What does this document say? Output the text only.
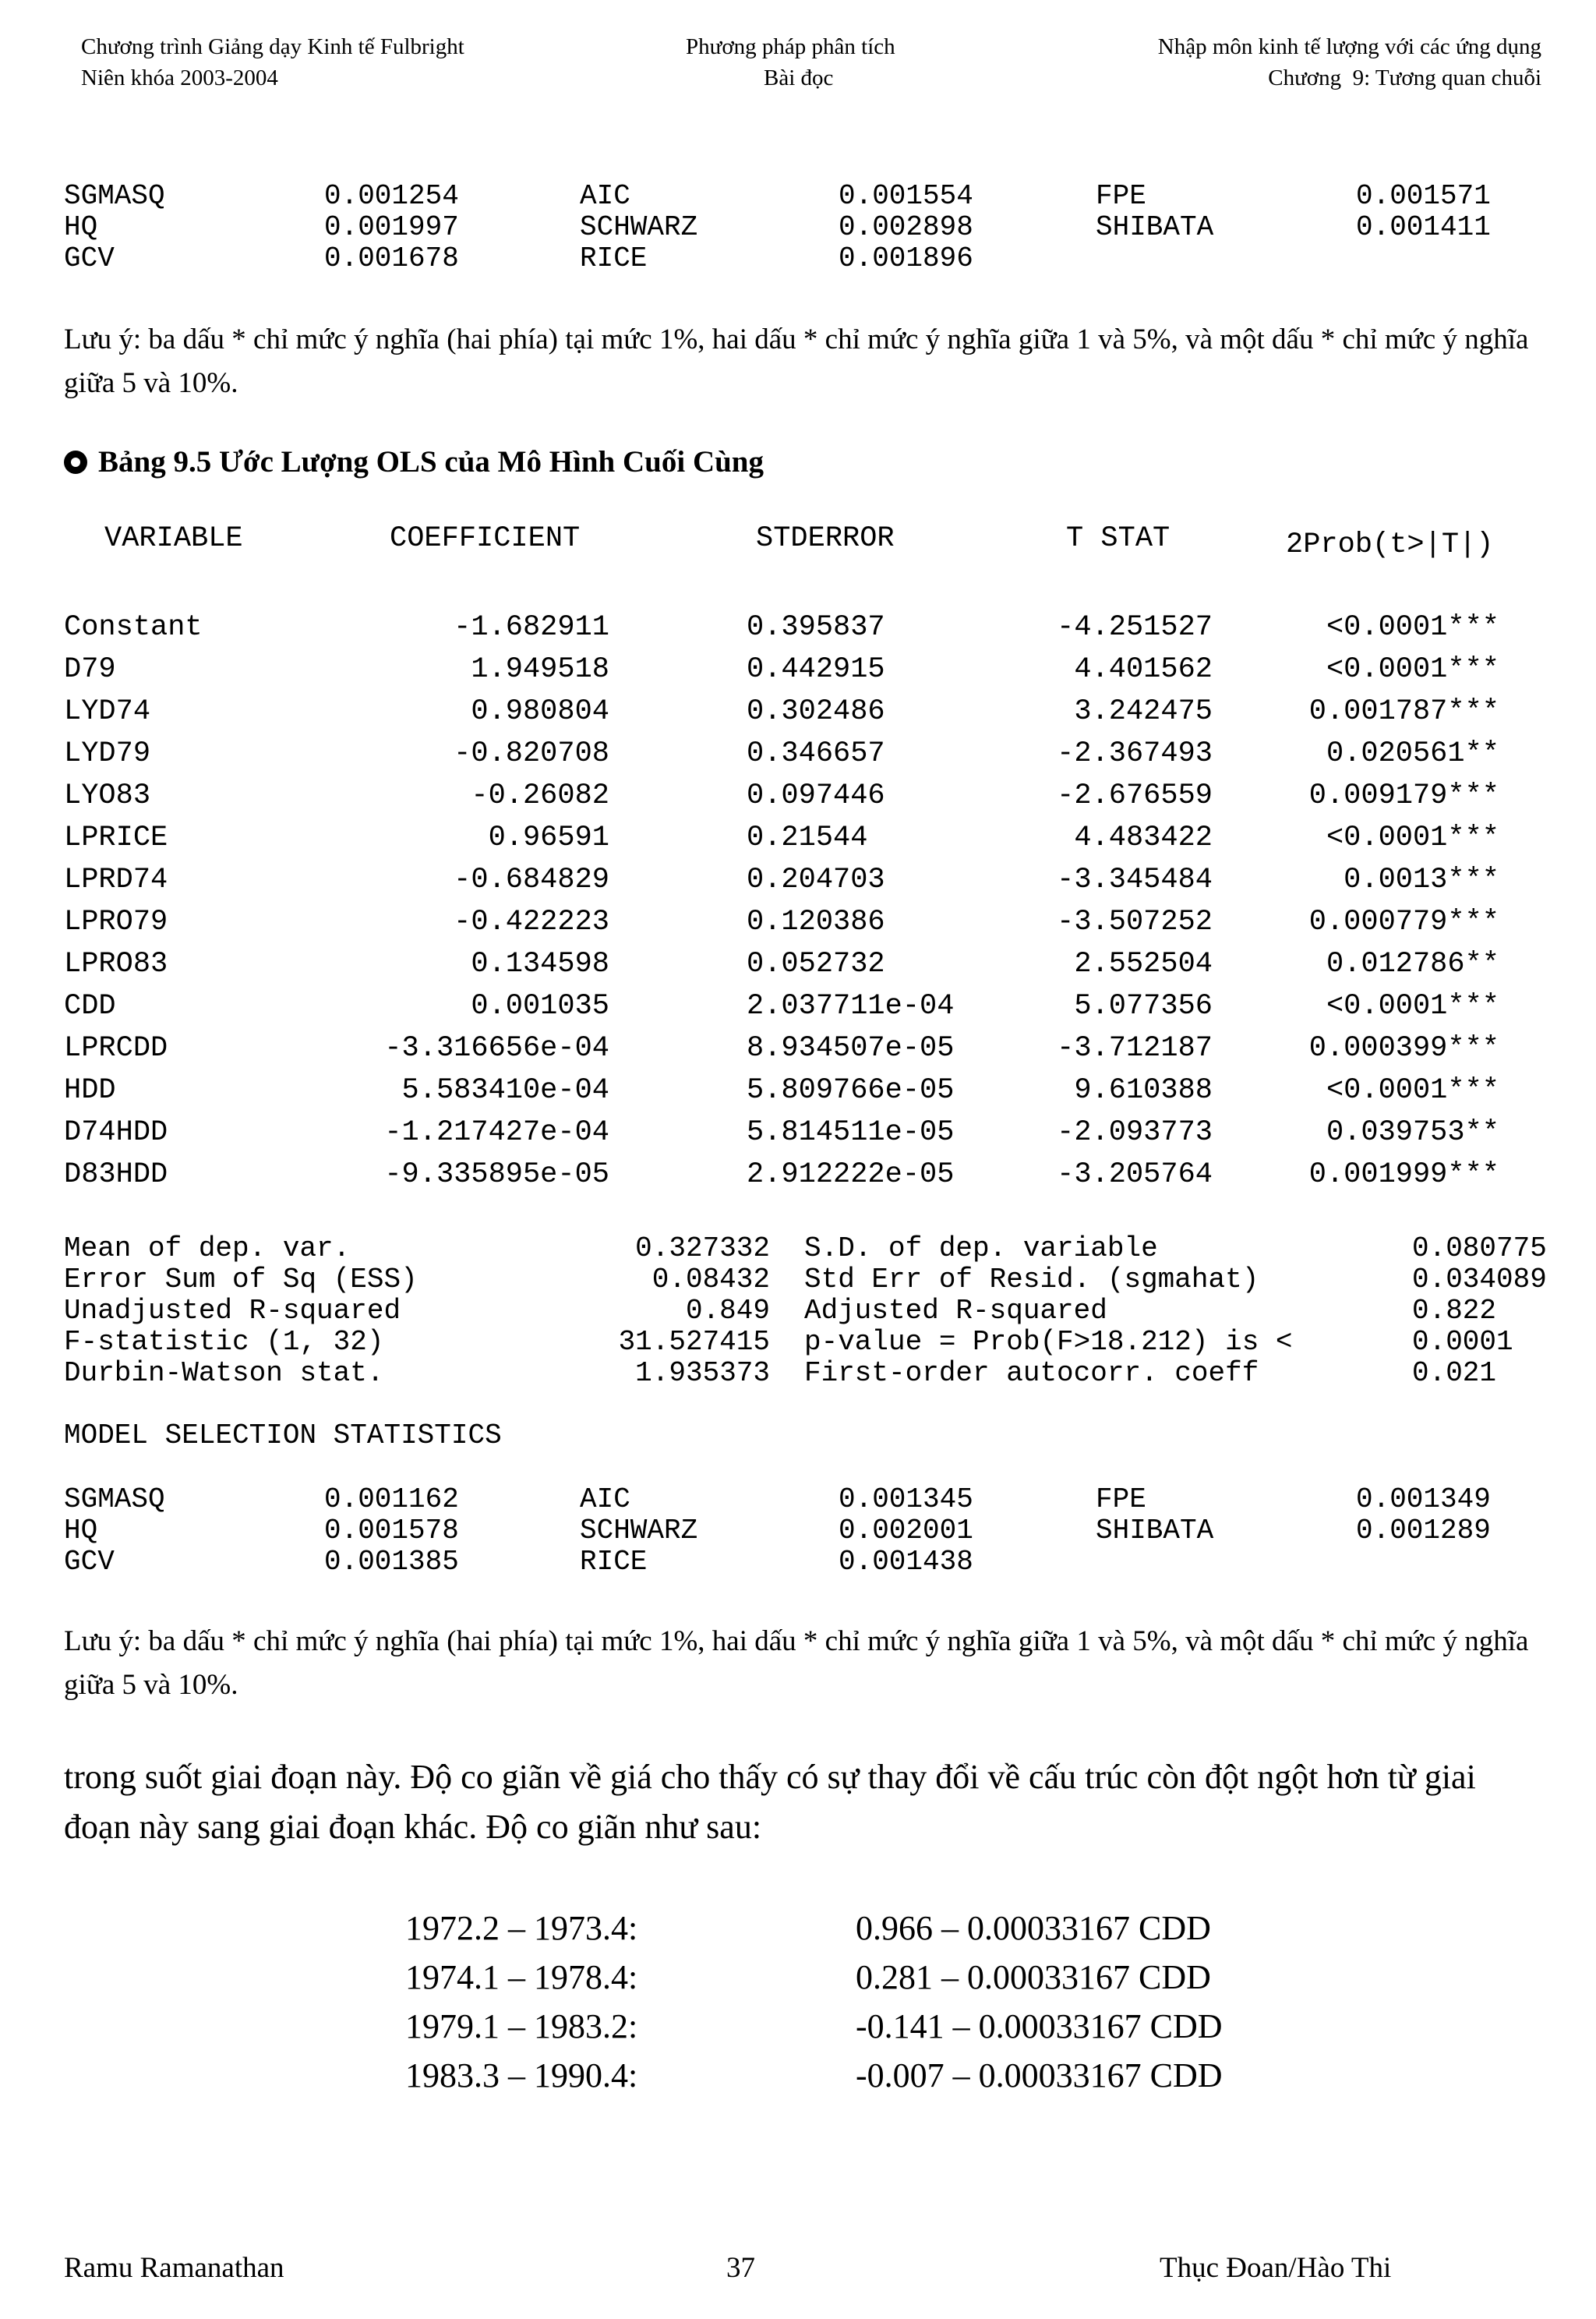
Chương trình Giảng dạy Kinh tế Fulbright
Niên khóa 2003-2004
Phương pháp phân tích
Bài đọc
Nhập môn kinh tế lượng với các ứng dụng
Chương  9: Tương quan chuỗi
SGMASQ	0.001254	AIC	0.001554	FPE	0.001571
HQ	0.001997	SCHWARZ	0.002898	SHIBATA	0.001411
GCV	0.001678	RICE	0.001896
Lưu ý: ba dấu * chỉ mức ý nghĩa (hai phía) tại mức 1%, hai dấu * chỉ mức ý nghĩa giữa 1 và 5%, và một dấu * chỉ mức ý nghĩa giữa 5 và 10%.
Bảng 9.5 Ước Lượng OLS của Mô Hình Cuối Cùng
VARIABLE	COEFFICIENT	STDERROR	T STAT	2Prob(t>|T|)
Constant	-1.682911	0.395837	-4.251527	<0.0001***
D79	1.949518	0.442915	4.401562	<0.0001***
LYD74	0.980804	0.302486	3.242475	0.001787***
LYD79	-0.820708	0.346657	-2.367493	0.020561**
LYO83	-0.26082	0.097446	-2.676559	0.009179***
LPRICE	0.96591	0.21544	4.483422	<0.0001***
LPRD74	-0.684829	0.204703	-3.345484	0.0013***
LPRO79	-0.422223	0.120386	-3.507252	0.000779***
LPRO83	0.134598	0.052732	2.552504	0.012786**
CDD	0.001035	2.037711e-04	5.077356	<0.0001***
LPRCDD	-3.316656e-04	8.934507e-05	-3.712187	0.000399***
HDD	5.583410e-04	5.809766e-05	9.610388	<0.0001***
D74HDD	-1.217427e-04	5.814511e-05	-2.093773	0.039753**
D83HDD	-9.335895e-05	2.912222e-05	-3.205764	0.001999***
Mean of dep. var.	0.327332 S.D. of dep. variable	0.080775
Error Sum of Sq (ESS)	0.08432 Std Err of Resid. (sgmahat)	0.034089
Unadjusted R-squared	0.849 Adjusted R-squared	0.822
F-statistic (1, 32)	31.527415 p-value = Prob(F>18.212) is <	0.0001
Durbin-Watson stat.	1.935373 First-order autocorr. coeff	0.021
MODEL SELECTION STATISTICS
SGMASQ	0.001162	AIC	0.001345	FPE	0.001349
HQ	0.001578	SCHWARZ	0.002001	SHIBATA	0.001289
GCV	0.001385	RICE	0.001438
Lưu ý: ba dấu * chỉ mức ý nghĩa (hai phía) tại mức 1%, hai dấu * chỉ mức ý nghĩa giữa 1 và 5%, và một dấu * chỉ mức ý nghĩa giữa 5 và 10%.
trong suốt giai đoạn này. Độ co giãn về giá cho thấy có sự thay đổi về cấu trúc còn đột ngột hơn từ giai đoạn này sang giai đoạn khác. Độ co giãn như sau:
1972.2 – 1973.4:	0.966 – 0.00033167 CDD
1974.1 – 1978.4:	0.281 – 0.00033167 CDD
1979.1 – 1983.2:	-0.141 – 0.00033167 CDD
1983.3 – 1990.4:	-0.007 – 0.00033167 CDD
Ramu Ramanathan	37	Thục Đoan/Hào Thi
